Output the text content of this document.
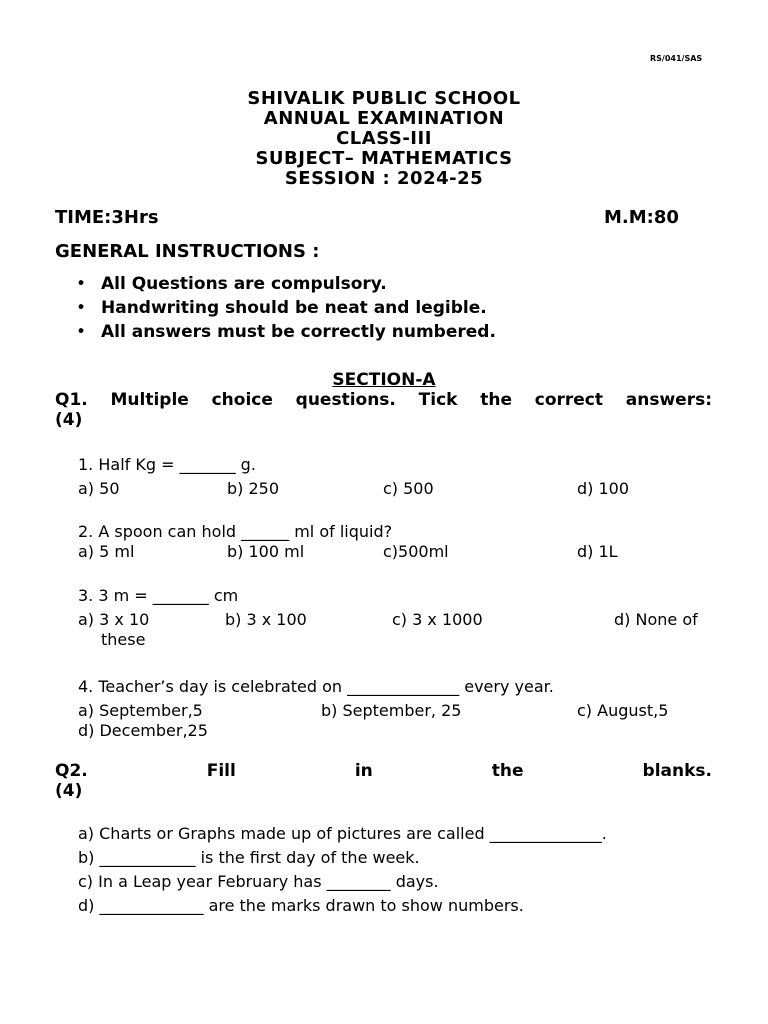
RS/041/SAS
SHIVALIK PUBLIC SCHOOL
ANNUAL EXAMINATION
CLASS-III
SUBJECT– MATHEMATICS
SESSION : 2024-25
TIME:3Hrs	M.M:80
GENERAL INSTRUCTIONS :
• All Questions are compulsory.
• Handwriting should be neat and legible.
• All answers must be correctly numbered.
SECTION-A
Q1. Multiple choice questions. Tick the correct answers:
(4)
1. Half Kg = _______ g.
a) 50	b) 250	c) 500	d) 100
2. A spoon can hold ______ ml of liquid?
a) 5 ml	b) 100 ml	c)500ml	d) 1L
3. 3 m = _______ cm
a) 3 x 10	b) 3 x 100	c) 3 x 1000	d) None of
these
4. Teacher’s day is celebrated on ______________ every year.
a) September,5	b) September, 25	c) August,5
d) December,25
Q2. Fill in the blanks.
(4)
a) Charts or Graphs made up of pictures are called ______________.
b) ____________ is the first day of the week.
c) In a Leap year February has ________ days.
d) _____________ are the marks drawn to show numbers.
